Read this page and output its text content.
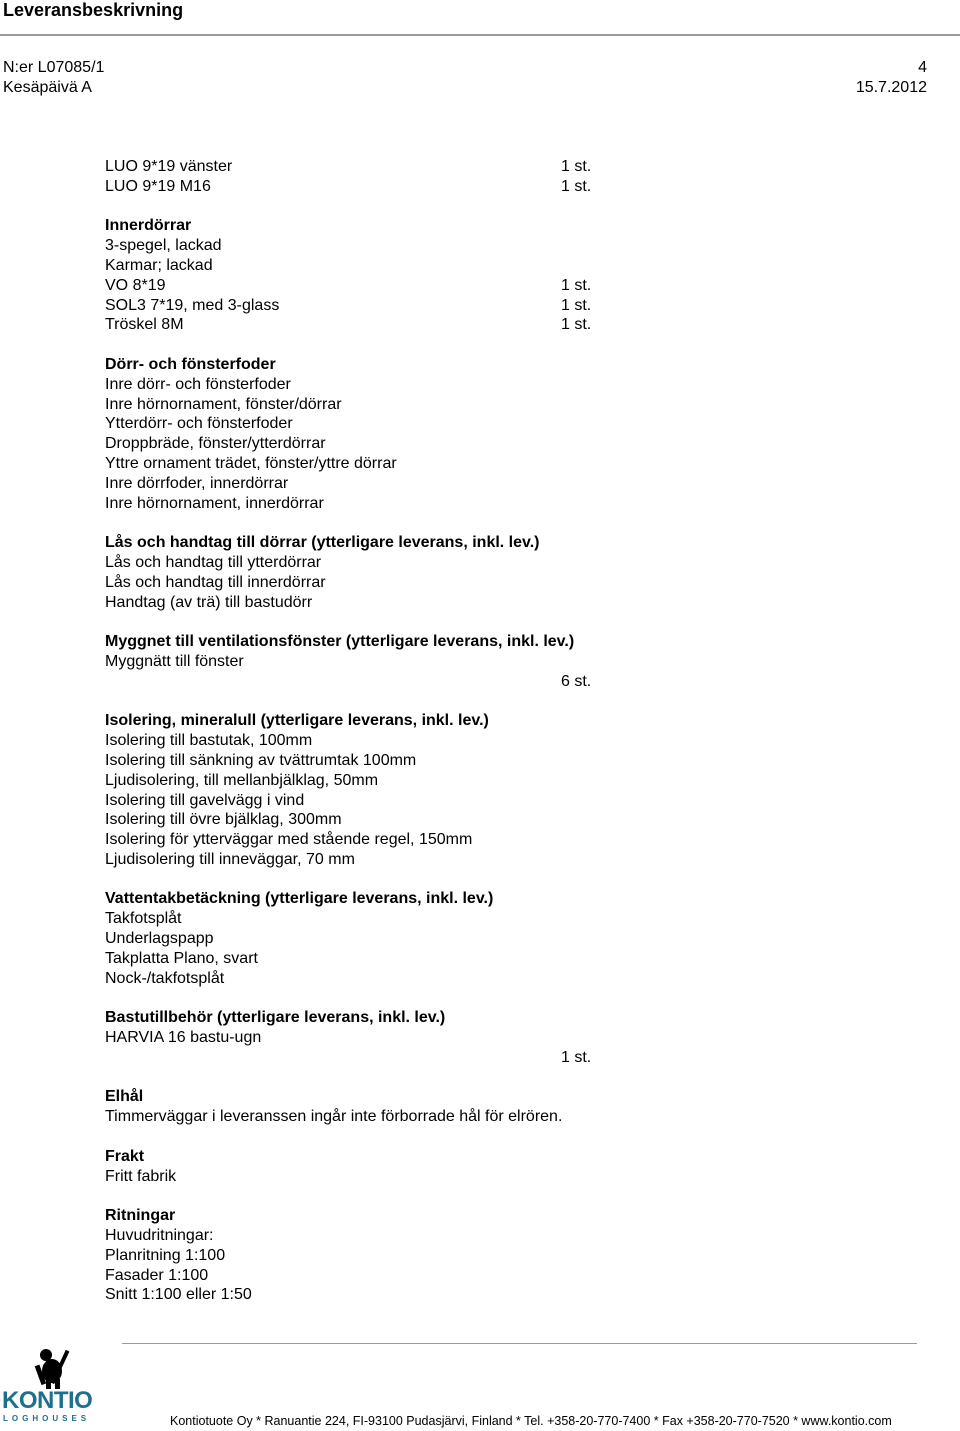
Leveransbeskrivning
N:er L07085/1	4
Kesäpäivä A	15.7.2012
LUO 9*19 vänster	1 st.
LUO 9*19 M16	1 st.
Innerdörrar
3-spegel, lackad
Karmar; lackad
VO 8*19	1 st.
SOL3 7*19, med 3-glass	1 st.
Tröskel 8M	1 st.
Dörr- och fönsterfoder
Inre dörr- och fönsterfoder
Inre hörnornament, fönster/dörrar
Ytterdörr- och fönsterfoder
Droppbräde, fönster/ytterdörrar
Yttre ornament trädet, fönster/yttre dörrar
Inre dörrfoder, innerdörrar
Inre hörnornament, innerdörrar
Lås och handtag till dörrar (ytterligare leverans, inkl. lev.)
Lås och handtag till ytterdörrar
Lås och handtag till innerdörrar
Handtag (av trä) till bastudörr
Myggnet till ventilationsfönster (ytterligare leverans, inkl. lev.)
Myggnätt till fönster
6 st.
Isolering, mineralull (ytterligare leverans, inkl. lev.)
Isolering till bastutak, 100mm
Isolering till sänkning av tvättrumtak 100mm
Ljudisolering, till mellanbjälklag, 50mm
Isolering till gavelvägg i vind
Isolering till övre bjälklag, 300mm
Isolering för ytterväggar med stående regel, 150mm
Ljudisolering till inneväggar, 70 mm
Vattentakbetäckning (ytterligare leverans, inkl. lev.)
Takfotsplåt
Underlagspapp
Takplatta Plano, svart
Nock-/takfotsplåt
Bastutillbehör (ytterligare leverans, inkl. lev.)
HARVIA 16 bastu-ugn
1 st.
Elhål
Timmerväggar i leveranssen ingår inte förborrade hål för elrören.
Frakt
Fritt fabrik
Ritningar
Huvudritningar:
Planritning 1:100
Fasader 1:100
Snitt 1:100 eller 1:50
KONTIO
LOGHOUSES	Kontiotuote Oy * Ranuantie 224, FI-93100 Pudasjärvi, Finland * Tel. +358-20-770-7400 * Fax +358-20-770-7520 * www.kontio.com
